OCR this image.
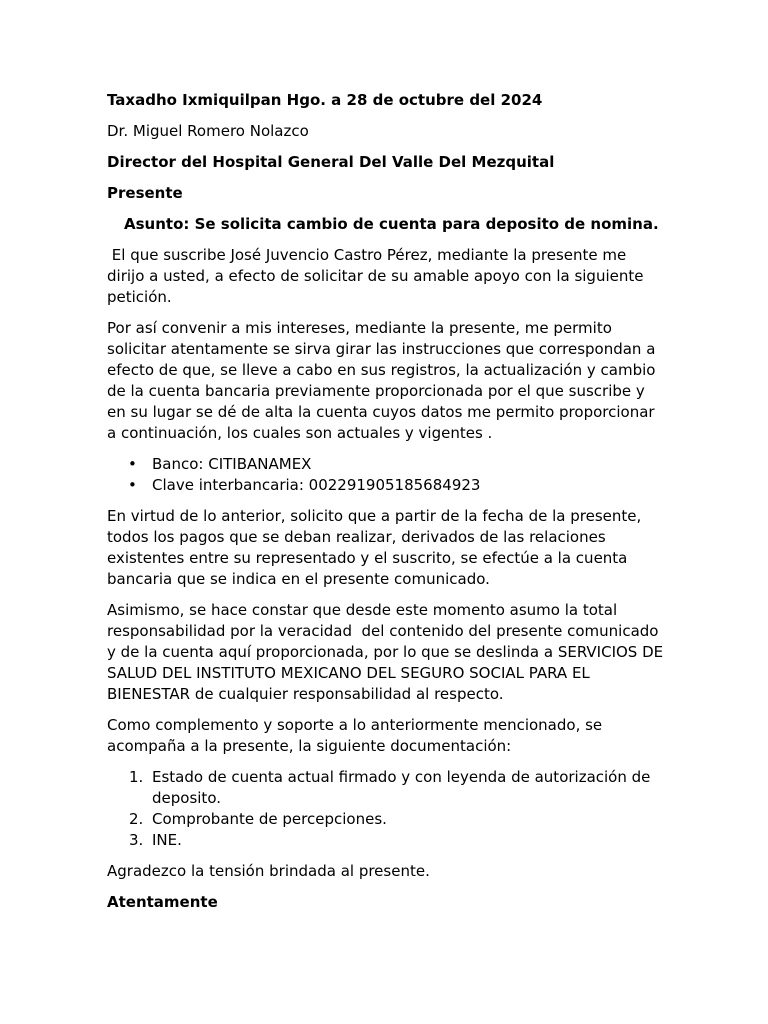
Taxadho Ixmiquilpan Hgo. a 28 de octubre del 2024

Dr. Miguel Romero Nolazco

Director del Hospital General Del Valle Del Mezquital

Presente

Asunto: Se solicita cambio de cuenta para deposito de nomina.

El que suscribe José Juvencio Castro Pérez, mediante la presente me dirijo a usted, a efecto de solicitar de su amable apoyo con la siguiente petición.

Por así convenir a mis intereses, mediante la presente, me permito solicitar atentamente se sirva girar las instrucciones que correspondan a efecto de que, se lleve a cabo en sus registros, la actualización y cambio de la cuenta bancaria previamente proporcionada por el que suscribe y en su lugar se dé de alta la cuenta cuyos datos me permito proporcionar a continuación, los cuales son actuales y vigentes .

• Banco: CITIBANAMEX
• Clave interbancaria: 002291905185684923

En virtud de lo anterior, solicito que a partir de la fecha de la presente, todos los pagos que se deban realizar, derivados de las relaciones existentes entre su representado y el suscrito, se efectúe a la cuenta bancaria que se indica en el presente comunicado.

Asimismo, se hace constar que desde este momento asumo la total responsabilidad por la veracidad  del contenido del presente comunicado y de la cuenta aquí proporcionada, por lo que se deslinda a SERVICIOS DE SALUD DEL INSTITUTO MEXICANO DEL SEGURO SOCIAL PARA EL BIENESTAR de cualquier responsabilidad al respecto.

Como complemento y soporte a lo anteriormente mencionado, se acompaña a la presente, la siguiente documentación:

1. Estado de cuenta actual firmado y con leyenda de autorización de deposito.
2. Comprobante de percepciones.
3. INE.

Agradezco la tensión brindada al presente.

Atentamente
